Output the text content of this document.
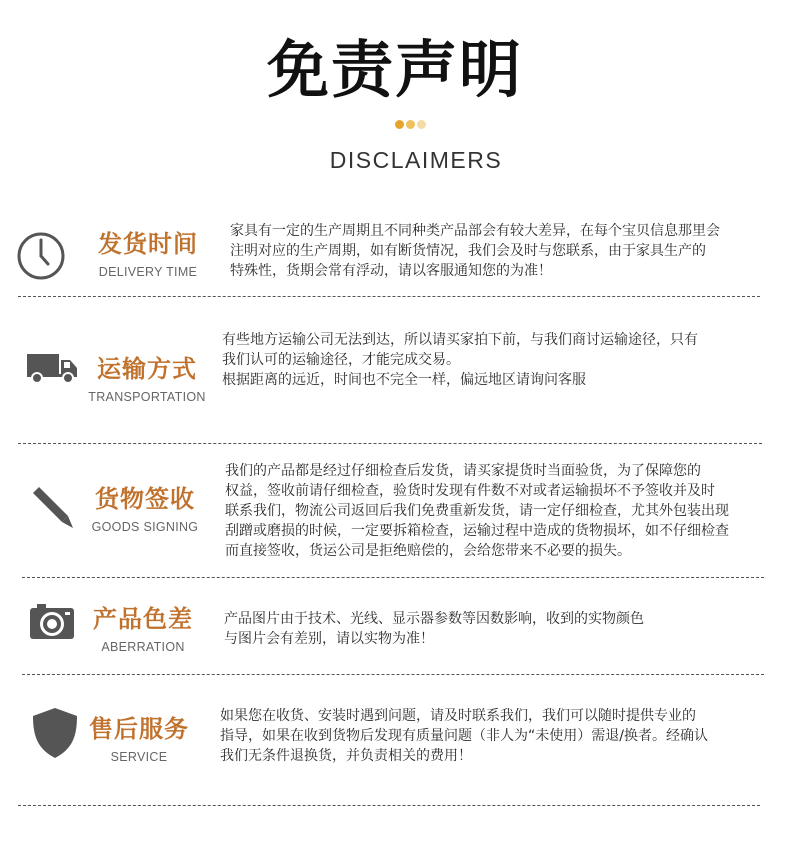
免责声明
DISCLAIMERS
发货时间
DELIVERY TIME

家具有一定的生产周期且不同种类产品部会有较大差异，在每个宝贝信息那里会
注明对应的生产周期，如有断货情况，我们会及时与您联系，由于家具生产的
特殊性，货期会常有浮动，请以客服通知您的为准！

运输方式
TRANSPORTATION

有些地方运输公司无法到达，所以请买家拍下前，与我们商讨运输途径，只有
我们认可的运输途径，才能完成交易。
根据距离的远近，时间也不完全一样，偏远地区请询问客服

货物签收
GOODS SIGNING

我们的产品都是经过仔细检查后发货，请买家提货时当面验货，为了保障您的
权益，签收前请仔细检查，验货时发现有件数不对或者运输损坏不予签收并及时
联系我们，物流公司返回后我们免费重新发货，请一定仔细检查，尤其外包装出现
刮蹭或磨损的时候，一定要拆箱检查，运输过程中造成的货物损坏，如不仔细检查
而直接签收，货运公司是拒绝赔偿的，会给您带来不必要的损失。

产品色差
ABERRATION

产品图片由于技术、光线、显示器参数等因数影响，收到的实物颜色
与图片会有差别，请以实物为准！

售后服务
SERVICE

如果您在收货、安装时遇到问题，请及时联系我们，我们可以随时提供专业的
指导，如果在收到货物后发现有质量问题（非人为“未使用）需退/换者。经确认
我们无条件退换货，并负责相关的费用！
